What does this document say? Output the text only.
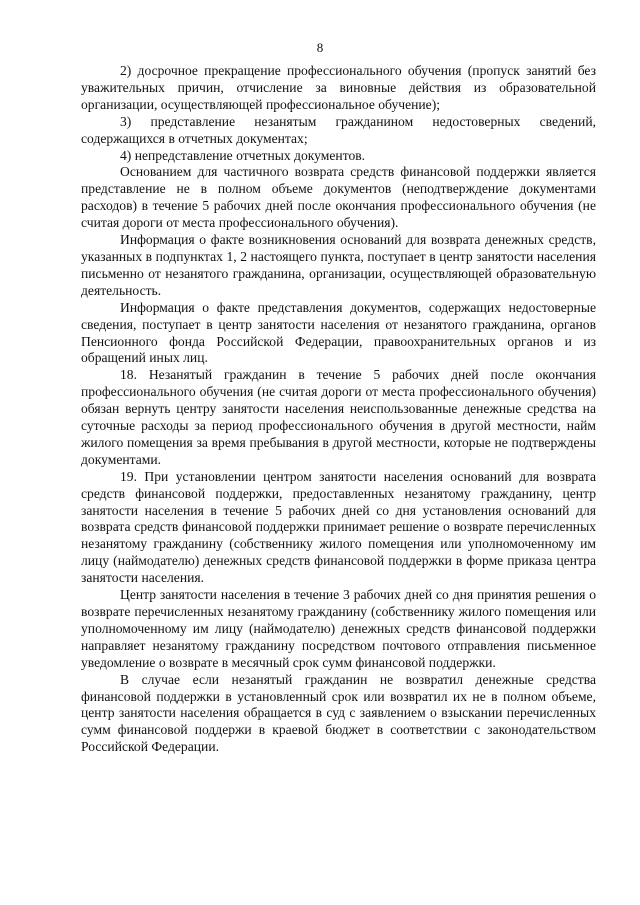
8

2) досрочное прекращение профессионального обучения (пропуск занятий без уважительных причин, отчисление за виновные действия из образовательной организации, осуществляющей профессиональное обучение);

3) представление незанятым гражданином недостоверных сведений, содержащихся в отчетных документах;

4) непредставление отчетных документов.

Основанием для частичного возврата средств финансовой поддержки является представление не в полном объеме документов (неподтверждение документами расходов) в течение 5 рабочих дней после окончания профессионального обучения (не считая дороги от места профессионального обучения).

Информация о факте возникновения оснований для возврата денежных средств, указанных в подпунктах 1, 2 настоящего пункта, поступает в центр занятости населения письменно от незанятого гражданина, организации, осуществляющей образовательную деятельность.

Информация о факте представления документов, содержащих недостоверные сведения, поступает в центр занятости населения от незанятого гражданина, органов Пенсионного фонда Российской Федерации, правоохранительных органов и из обращений иных лиц.

18. Незанятый гражданин в течение 5 рабочих дней после окончания профессионального обучения (не считая дороги от места профессионального обучения) обязан вернуть центру занятости населения неиспользованные денежные средства на суточные расходы за период профессионального обучения в другой местности, найм жилого помещения за время пребывания в другой местности, которые не подтверждены документами.

19. При установлении центром занятости населения оснований для возврата средств финансовой поддержки, предоставленных незанятому гражданину, центр занятости населения в течение 5 рабочих дней со дня установления оснований для возврата средств финансовой поддержки принимает решение о возврате перечисленных незанятому гражданину (собственнику жилого помещения или уполномоченному им лицу (наймодателю) денежных средств финансовой поддержки в форме приказа центра занятости населения.

Центр занятости населения в течение 3 рабочих дней со дня принятия решения о возврате перечисленных незанятому гражданину (собственнику жилого помещения или уполномоченному им лицу (наймодателю) денежных средств финансовой поддержки направляет незанятому гражданину посредством почтового отправления письменное уведомление о возврате в месячный срок сумм финансовой поддержки.

В случае если незанятый гражданин не возвратил денежные средства финансовой поддержки в установленный срок или возвратил их не в полном объеме, центр занятости населения обращается в суд с заявлением о взыскании перечисленных сумм финансовой поддержи в краевой бюджет в соответствии с законодательством Российской Федерации.
